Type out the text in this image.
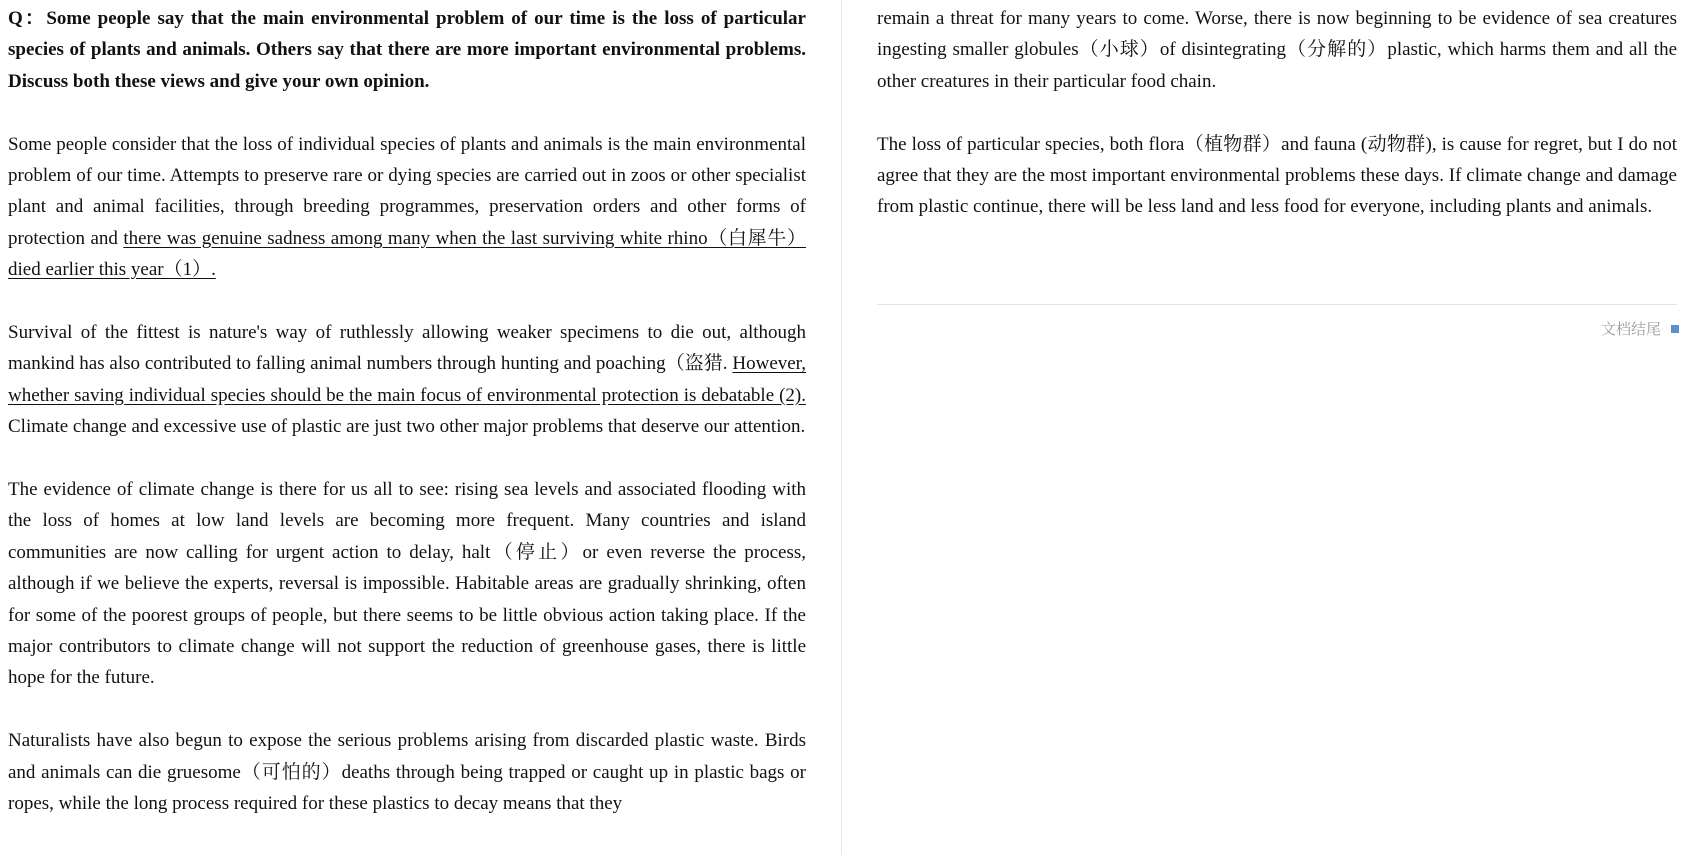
Q：Some people say that the main environmental problem of our time is the loss of particular species of plants and animals. Others say that there are more important environmental problems. Discuss both these views and give your own opinion.

Some people consider that the loss of individual species of plants and animals is the main environmental problem of our time. Attempts to preserve rare or dying species are carried out in zoos or other specialist plant and animal facilities, through breeding programmes, preservation orders and other forms of protection and there was genuine sadness among many when the last surviving white rhino（白犀牛）died earlier this year（1）.

Survival of the fittest is nature's way of ruthlessly allowing weaker specimens to die out, although mankind has also contributed to falling animal numbers through hunting and poaching（盗猎. However, whether saving individual species should be the main focus of environmental protection is debatable (2). Climate change and excessive use of plastic are just two other major problems that deserve our attention.

The evidence of climate change is there for us all to see: rising sea levels and associated flooding with the loss of homes at low land levels are becoming more frequent. Many countries and island communities are now calling for urgent action to delay, halt（停止）or even reverse the process, although if we believe the experts, reversal is impossible. Habitable areas are gradually shrinking, often for some of the poorest groups of people, but there seems to be little obvious action taking place. If the major contributors to climate change will not support the reduction of greenhouse gases, there is little hope for the future.

Naturalists have also begun to expose the serious problems arising from discarded plastic waste. Birds and animals can die gruesome（可怕的）deaths through being trapped or caught up in plastic bags or ropes, while the long process required for these plastics to decay means that they

remain a threat for many years to come. Worse, there is now beginning to be evidence of sea creatures ingesting smaller globules（小球）of disintegrating（分解的）plastic, which harms them and all the other creatures in their particular food chain.

The loss of particular species, both flora（植物群）and fauna (动物群), is cause for regret, but I do not agree that they are the most important environmental problems these days. If climate change and damage from plastic continue, there will be less land and less food for everyone, including plants and animals.

文档结尾
